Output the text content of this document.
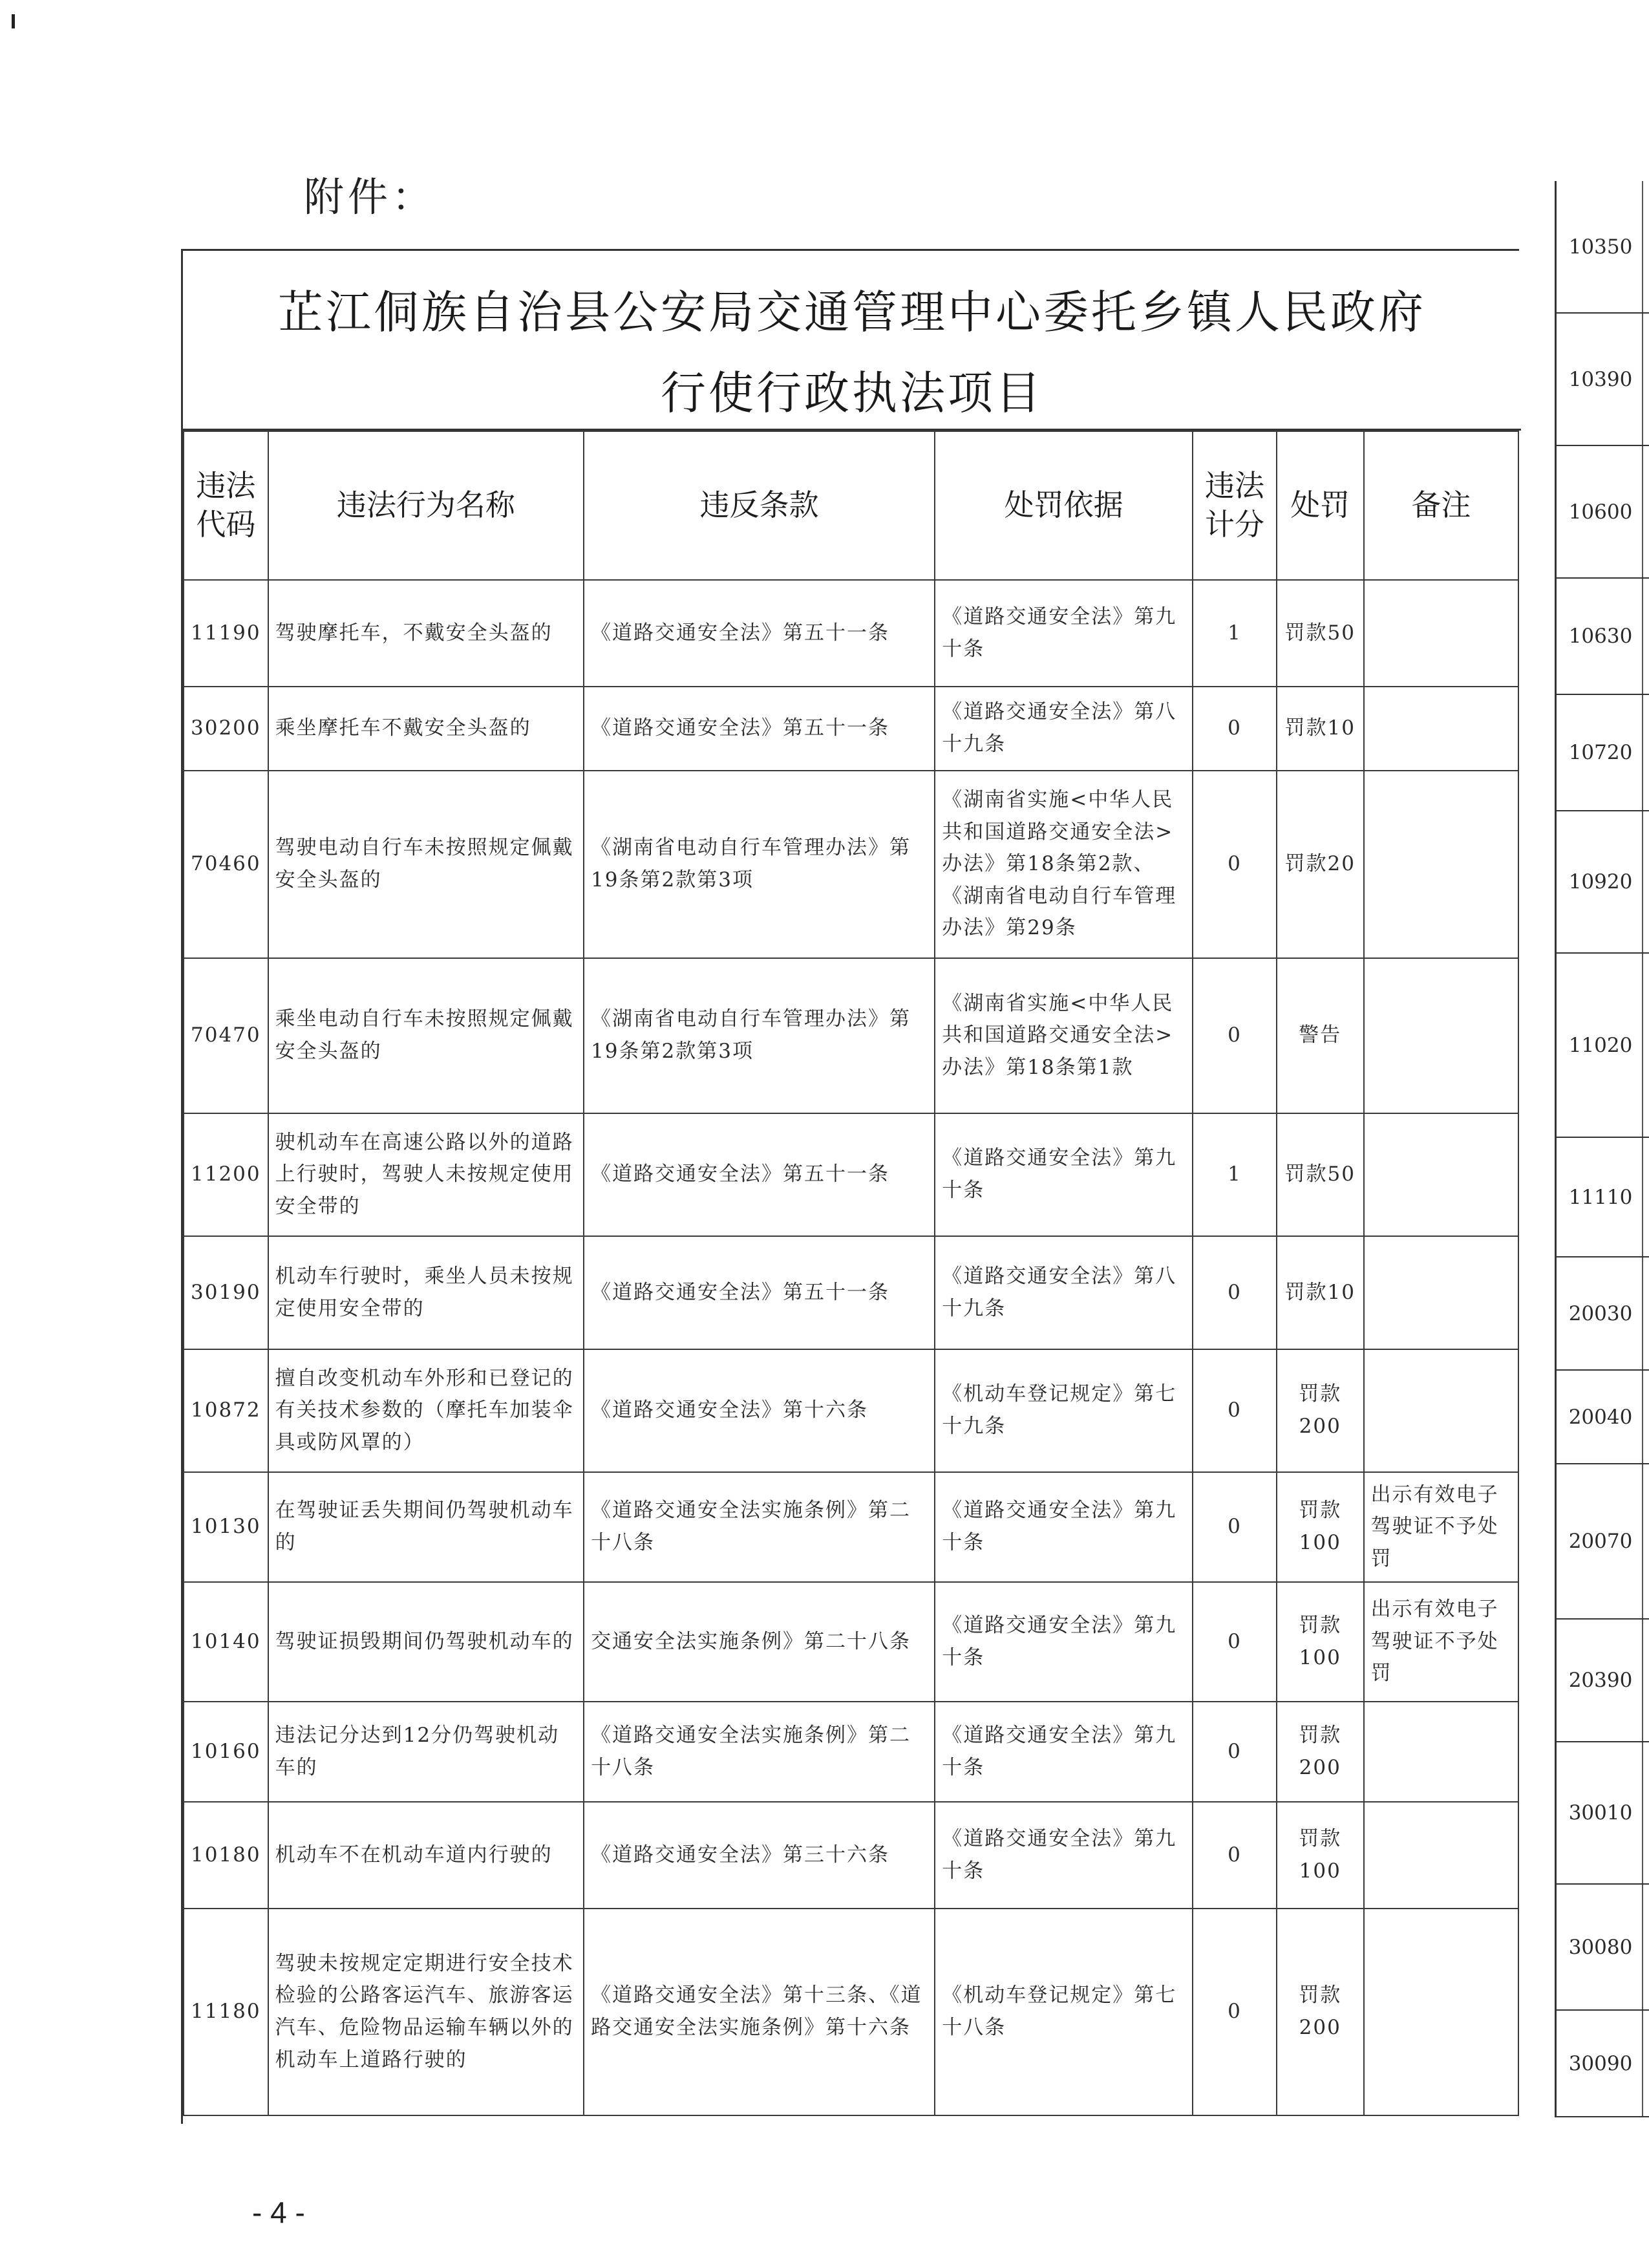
附件：
芷江侗族自治县公安局交通管理中心委托乡镇人民政府
行使行政执法项目
违法
代码	违法行为名称	违反条款	处罚依据	违法
计分	处罚	备注
11190	驾驶摩托车，不戴安全头盔的	《道路交通安全法》第五十一条	《道路交通安全法》第九十条	1	罚款50	
30200	乘坐摩托车不戴安全头盔的	《道路交通安全法》第五十一条	《道路交通安全法》第八十九条	0	罚款10	
70460	驾驶电动自行车未按照规定佩戴安全头盔的	《湖南省电动自行车管理办法》第19条第2款第3项	《湖南省实施<中华人民共和国道路交通安全法>办法》第18条第2款、《湖南省电动自行车管理办法》第29条	0	罚款20	
70470	乘坐电动自行车未按照规定佩戴安全头盔的	《湖南省电动自行车管理办法》第19条第2款第3项	《湖南省实施<中华人民共和国道路交通安全法>办法》第18条第1款	0	警告	
11200	驶机动车在高速公路以外的道路上行驶时，驾驶人未按规定使用安全带的	《道路交通安全法》第五十一条	《道路交通安全法》第九十条	1	罚款50	
30190	机动车行驶时，乘坐人员未按规定使用安全带的	《道路交通安全法》第五十一条	《道路交通安全法》第八十九条	0	罚款10	
10872	擅自改变机动车外形和已登记的有关技术参数的（摩托车加装伞具或防风罩的）	《道路交通安全法》第十六条	《机动车登记规定》第七十九条	0	罚款200	
10130	在驾驶证丢失期间仍驾驶机动车的	《道路交通安全法实施条例》第二十八条	《道路交通安全法》第九十条	0	罚款100	出示有效电子驾驶证不予处罚
10140	驾驶证损毁期间仍驾驶机动车的	交通安全法实施条例》第二十八条	《道路交通安全法》第九十条	0	罚款100	出示有效电子驾驶证不予处罚
10160	违法记分达到12分仍驾驶机动车的	《道路交通安全法实施条例》第二十八条	《道路交通安全法》第九十条	0	罚款200	
10180	机动车不在机动车道内行驶的	《道路交通安全法》第三十六条	《道路交通安全法》第九十条	0	罚款100	
11180	驾驶未按规定定期进行安全技术检验的公路客运汽车、旅游客运汽车、危险物品运输车辆以外的机动车上道路行驶的	《道路交通安全法》第十三条、《道路交通安全法实施条例》第十六条	《机动车登记规定》第七十八条	0	罚款200	
10350
10390
10600
10630
10720
10920
11020
11110
20030
20040
20070
20390
30010
30080
30090
- 4 -
